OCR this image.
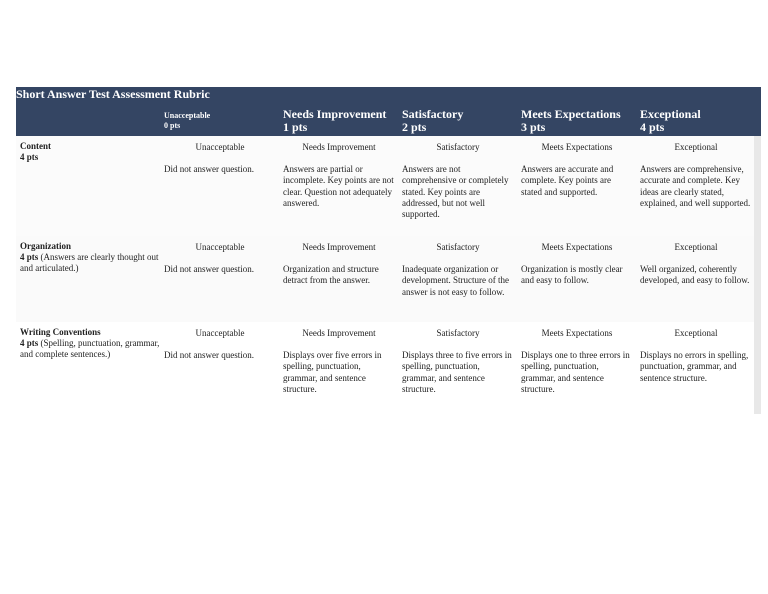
Short Answer Test Assessment Rubric
Unacceptable
0 pts
Needs Improvement
1 pts
Satisfactory
2 pts
Meets Expectations
3 pts
Exceptional
4 pts
Content
4 pts
Unacceptable
Did not answer question.
Needs Improvement
Answers are partial or incomplete. Key points are not clear. Question not adequately answered.
Satisfactory
Answers are not comprehensive or completely stated. Key points are addressed, but not well supported.
Meets Expectations
Answers are accurate and complete. Key points are stated and supported.
Exceptional
Answers are comprehensive, accurate and complete. Key ideas are clearly stated, explained, and well supported.
Organization
4 pts (Answers are clearly thought out and articulated.)
Unacceptable
Did not answer question.
Needs Improvement
Organization and structure detract from the answer.
Satisfactory
Inadequate organization or development. Structure of the answer is not easy to follow.
Meets Expectations
Organization is mostly clear and easy to follow.
Exceptional
Well organized, coherently developed, and easy to follow.
Writing Conventions
4 pts (Spelling, punctuation, grammar, and complete sentences.)
Unacceptable
Did not answer question.
Needs Improvement
Displays over five errors in spelling, punctuation, grammar, and sentence structure.
Satisfactory
Displays three to five errors in spelling, punctuation, grammar, and sentence structure.
Meets Expectations
Displays one to three errors in spelling, punctuation, grammar, and sentence structure.
Exceptional
Displays no errors in spelling, punctuation, grammar, and sentence structure.
